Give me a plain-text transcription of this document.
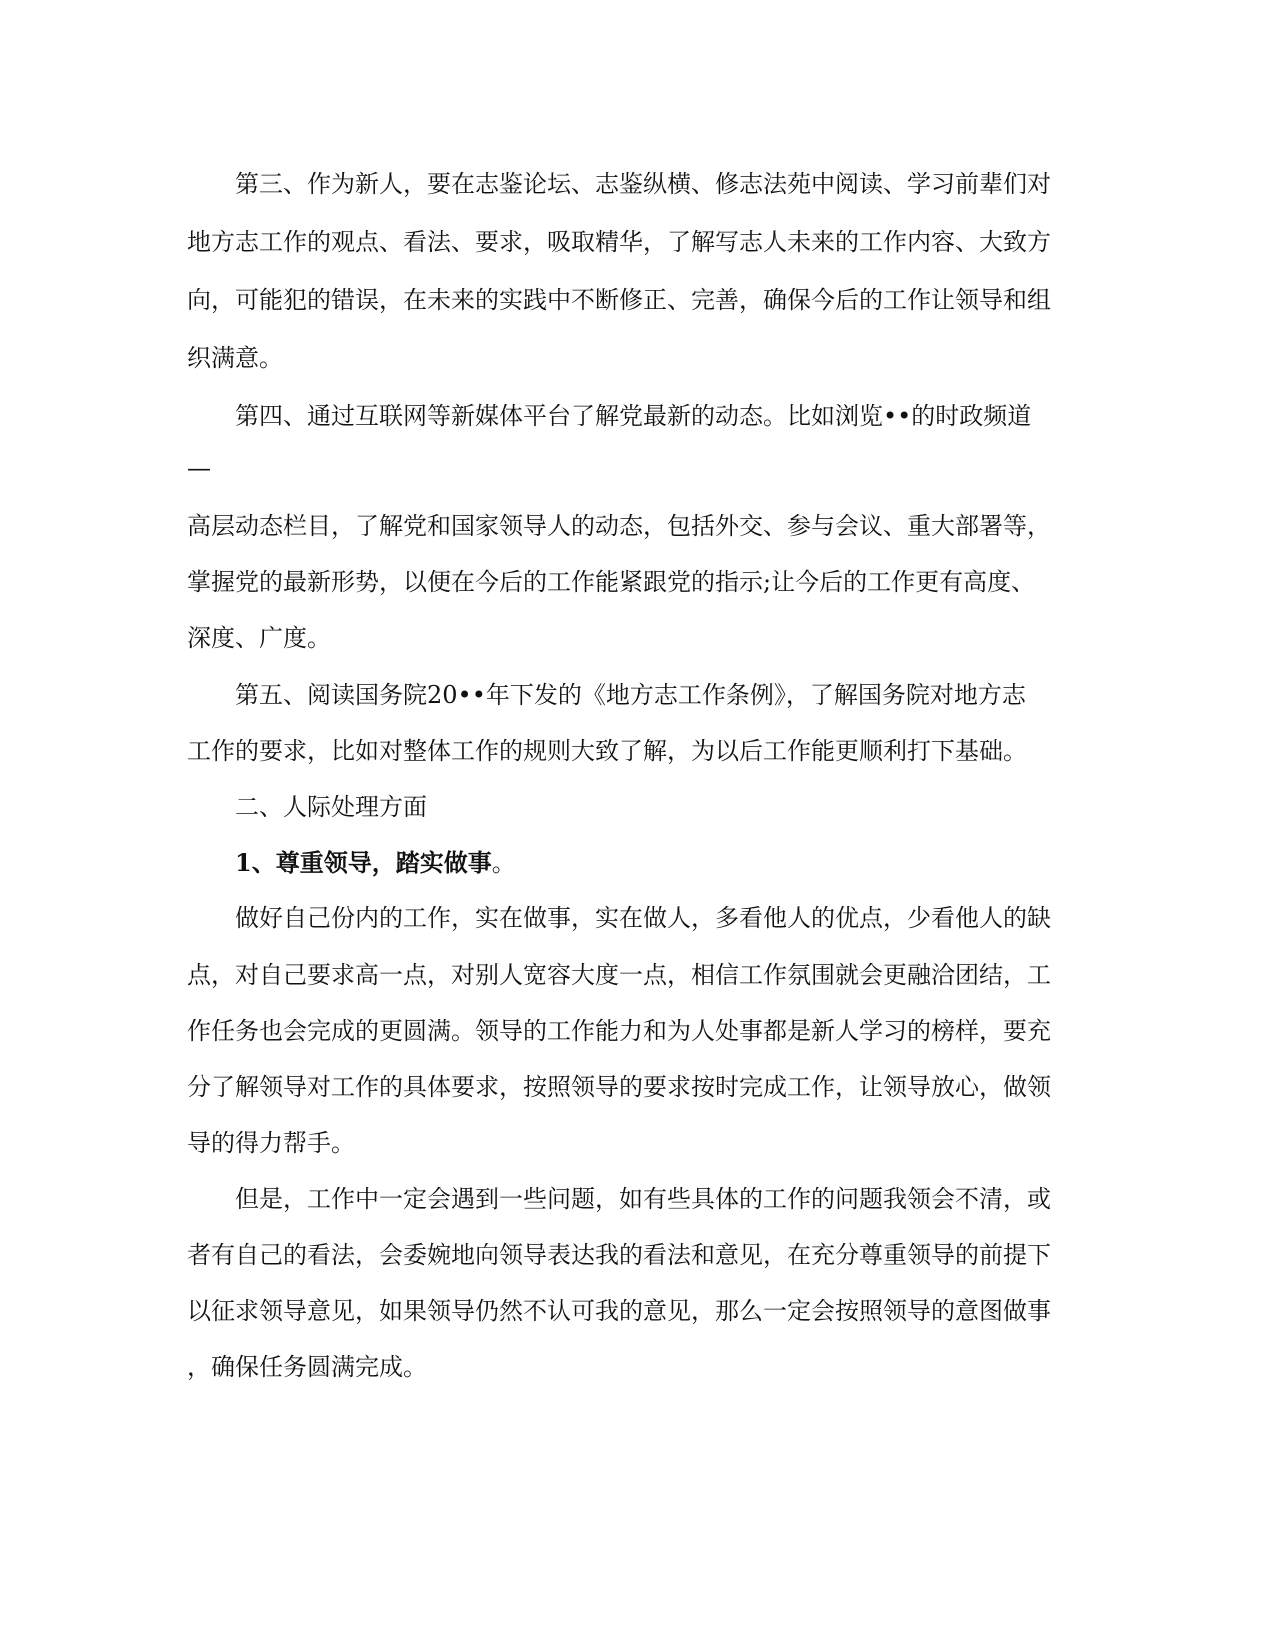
第三、作为新人，要在志鉴论坛、志鉴纵横、修志法苑中阅读、学习前辈们对
地方志工作的观点、看法、要求，吸取精华，了解写志人未来的工作内容、大致方
向，可能犯的错误，在未来的实践中不断修正、完善，确保今后的工作让领导和组
织满意。
第四、通过互联网等新媒体平台了解党最新的动态。比如浏览••的时政频道
—
高层动态栏目，了解党和国家领导人的动态，包括外交、参与会议、重大部署等，
掌握党的最新形势，以便在今后的工作能紧跟党的指示;让今后的工作更有高度、
深度、广度。
第五、阅读国务院20••年下发的《地方志工作条例》，了解国务院对地方志
工作的要求，比如对整体工作的规则大致了解，为以后工作能更顺利打下基础。
二、人际处理方面
1、尊重领导，踏实做事。
做好自己份内的工作，实在做事，实在做人，多看他人的优点，少看他人的缺
点，对自己要求高一点，对别人宽容大度一点，相信工作氛围就会更融洽团结，工
作任务也会完成的更圆满。领导的工作能力和为人处事都是新人学习的榜样，要充
分了解领导对工作的具体要求，按照领导的要求按时完成工作，让领导放心，做领
导的得力帮手。
但是，工作中一定会遇到一些问题，如有些具体的工作的问题我领会不清，或
者有自己的看法，会委婉地向领导表达我的看法和意见，在充分尊重领导的前提下
以征求领导意见，如果领导仍然不认可我的意见，那么一定会按照领导的意图做事
，确保任务圆满完成。
